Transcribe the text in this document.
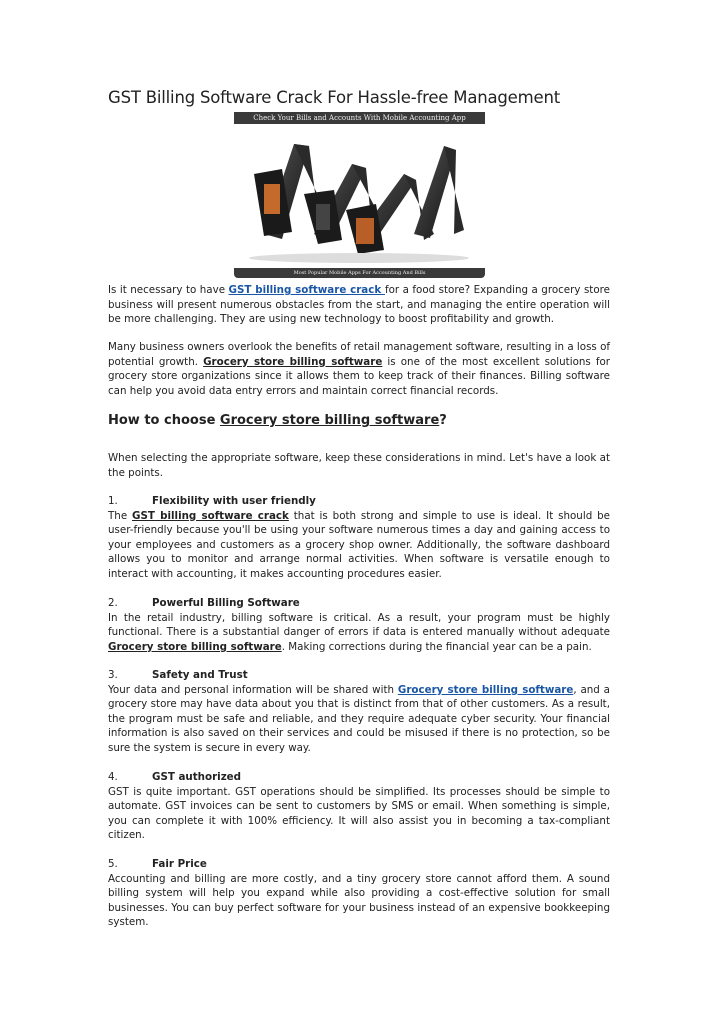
GST Billing Software Crack For Hassle-free Management
Check Your Bills and Accounts With Mobile Accounting App
Most Popular Mobile Apps For Accounting And Bills

Is it necessary to have GST billing software crack for a food store? Expanding a grocery store business will present numerous obstacles from the start, and managing the entire operation will be more challenging. They are using new technology to boost profitability and growth.

Many business owners overlook the benefits of retail management software, resulting in a loss of potential growth. Grocery store billing software is one of the most excellent solutions for grocery store organizations since it allows them to keep track of their finances. Billing software can help you avoid data entry errors and maintain correct financial records.

How to choose Grocery store billing software?

When selecting the appropriate software, keep these considerations in mind. Let's have a look at the points.

1.	Flexibility with user friendly

The GST billing software crack that is both strong and simple to use is ideal. It should be user-friendly because you'll be using your software numerous times a day and gaining access to your employees and customers as a grocery shop owner. Additionally, the software dashboard allows you to monitor and arrange normal activities. When software is versatile enough to interact with accounting, it makes accounting procedures easier.

2.	Powerful Billing Software

In the retail industry, billing software is critical. As a result, your program must be highly functional. There is a substantial danger of errors if data is entered manually without adequate Grocery store billing software. Making corrections during the financial year can be a pain.

3.	Safety and Trust

Your data and personal information will be shared with Grocery store billing software, and a grocery store may have data about you that is distinct from that of other customers. As a result, the program must be safe and reliable, and they require adequate cyber security. Your financial information is also saved on their services and could be misused if there is no protection, so be sure the system is secure in every way.

4.	GST authorized

GST is quite important. GST operations should be simplified. Its processes should be simple to automate. GST invoices can be sent to customers by SMS or email. When something is simple, you can complete it with 100% efficiency. It will also assist you in becoming a tax-compliant citizen.

5.	Fair Price

Accounting and billing are more costly, and a tiny grocery store cannot afford them. A sound billing system will help you expand while also providing a cost-effective solution for small businesses. You can buy perfect software for your business instead of an expensive bookkeeping system.
